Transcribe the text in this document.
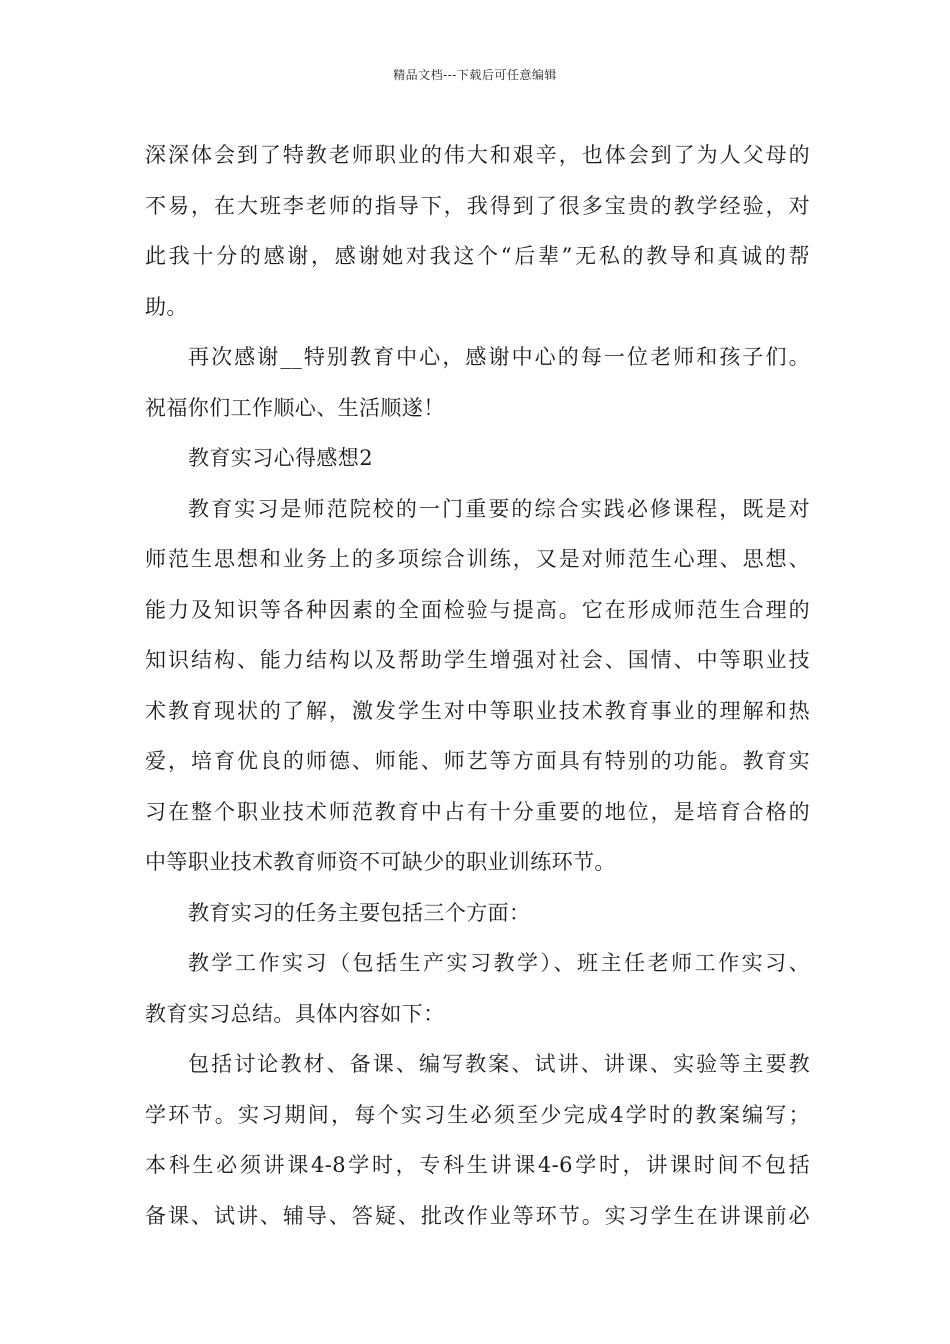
精品文档---下载后可任意编辑
深深体会到了特教老师职业的伟大和艰辛，也体会到了为人父母的
不易，在大班李老师的指导下，我得到了很多宝贵的教学经验，对
此我十分的感谢，感谢她对我这个“后辈”无私的教导和真诚的帮
助。
再次感谢__特别教育中心，感谢中心的每一位老师和孩子们。
祝福你们工作顺心、生活顺遂！
教育实习心得感想2
教育实习是师范院校的一门重要的综合实践必修课程，既是对
师范生思想和业务上的多项综合训练，又是对师范生心理、思想、
能力及知识等各种因素的全面检验与提高。它在形成师范生合理的
知识结构、能力结构以及帮助学生增强对社会、国情、中等职业技
术教育现状的了解，激发学生对中等职业技术教育事业的理解和热
爱，培育优良的师德、师能、师艺等方面具有特别的功能。教育实
习在整个职业技术师范教育中占有十分重要的地位，是培育合格的
中等职业技术教育师资不可缺少的职业训练环节。
教育实习的任务主要包括三个方面：
教学工作实习（包括生产实习教学）、班主任老师工作实习、
教育实习总结。具体内容如下：
包括讨论教材、备课、编写教案、试讲、讲课、实验等主要教
学环节。实习期间，每个实习生必须至少完成4学时的教案编写；
本科生必须讲课4-8学时，专科生讲课4-6学时，讲课时间不包括
备课、试讲、辅导、答疑、批改作业等环节。实习学生在讲课前必
